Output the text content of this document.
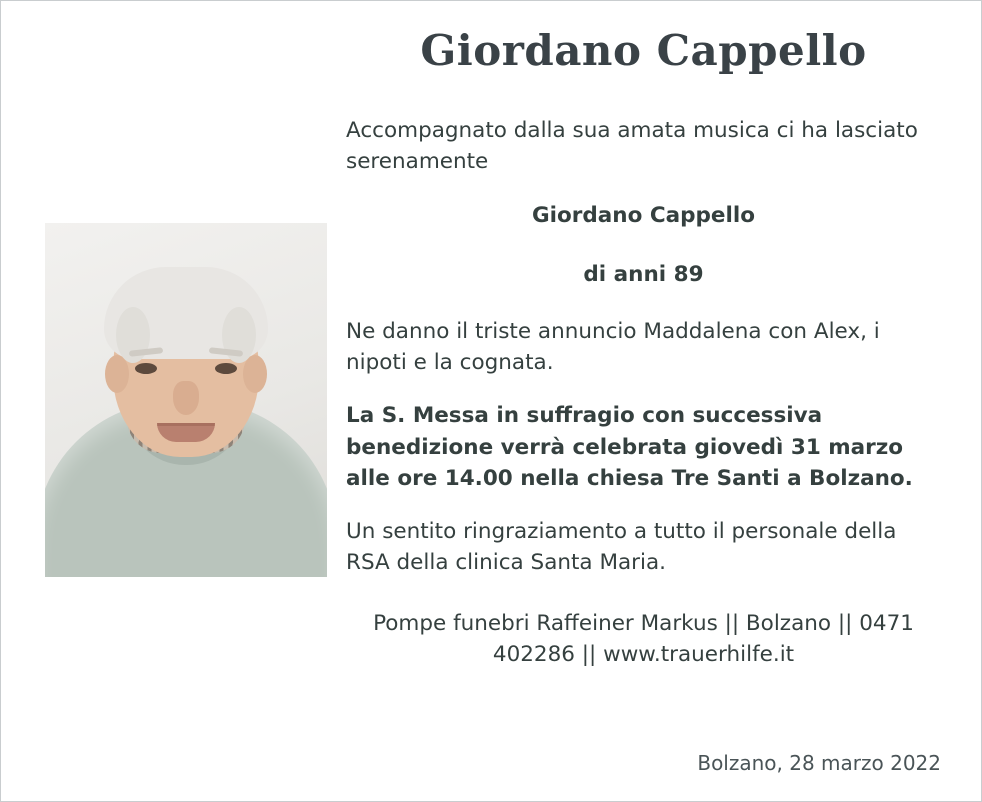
Giordano Cappello

Accompagnato dalla sua amata musica ci ha lasciato serenamente

Giordano Cappello

di anni 89

Ne danno il triste annuncio Maddalena con Alex, i nipoti e la cognata.

La S. Messa in suffragio con successiva benedizione verrà celebrata giovedì 31 marzo alle ore 14.00 nella chiesa Tre Santi a Bolzano.

Un sentito ringraziamento a tutto il personale della RSA della clinica Santa Maria.

Pompe funebri Raffeiner Markus || Bolzano || 0471 402286 || www.trauerhilfe.it

Bolzano, 28 marzo 2022
